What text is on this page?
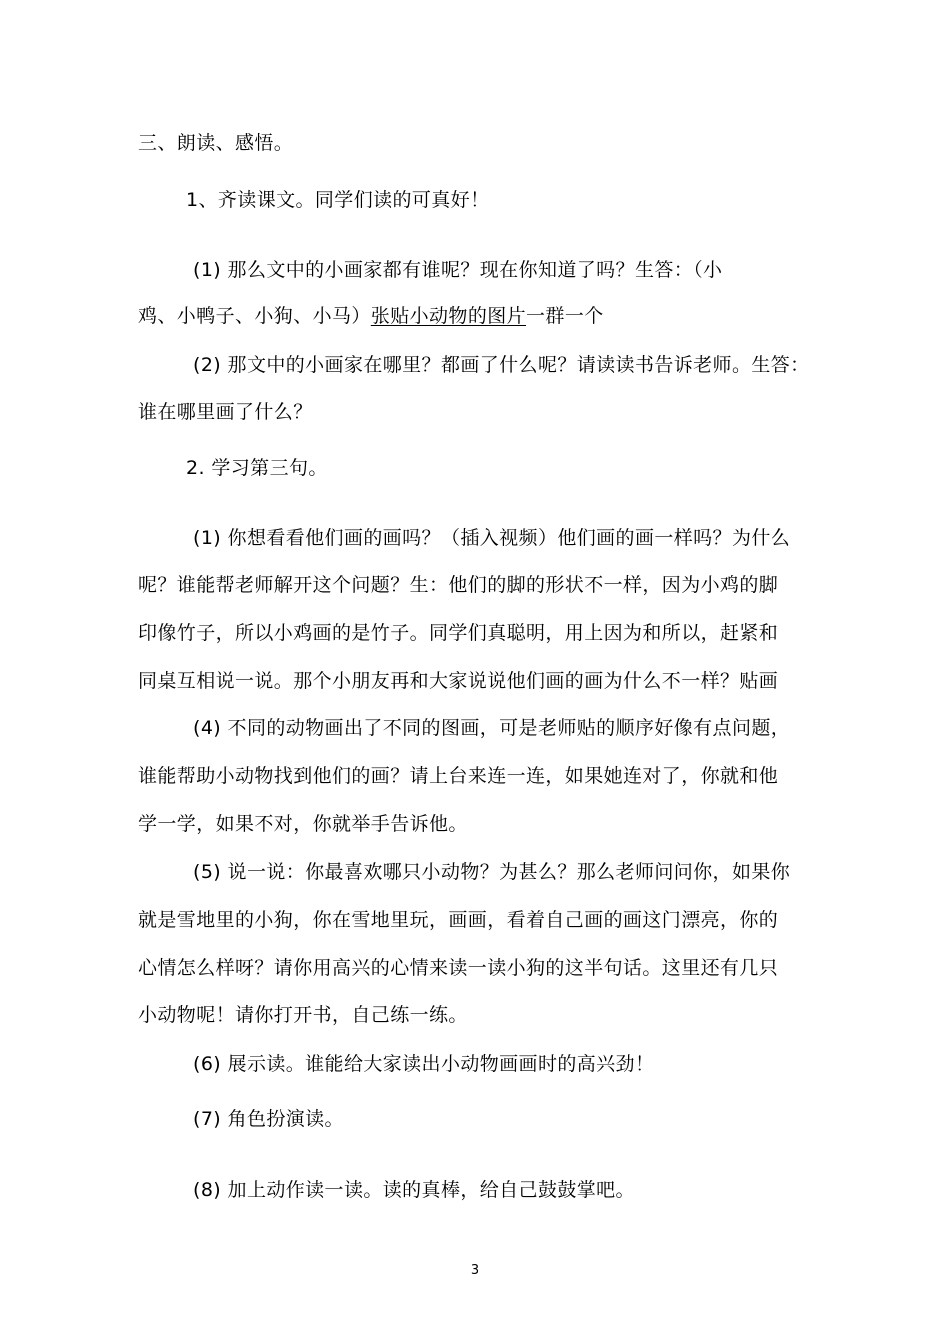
三、朗读、感悟。
1、齐读课文。同学们读的可真好！
(1) 那么文中的小画家都有谁呢？现在你知道了吗？生答：（小
鸡、小鸭子、小狗、小马）张贴小动物的图片一群一个
(2) 那文中的小画家在哪里？都画了什么呢？请读读书告诉老师。生答：
谁在哪里画了什么？
2. 学习第三句。
(1) 你想看看他们画的画吗？（插入视频）他们画的画一样吗？为什么
呢？谁能帮老师解开这个问题？生：他们的脚的形状不一样，因为小鸡的脚
印像竹子，所以小鸡画的是竹子。同学们真聪明，用上因为和所以，赶紧和
同桌互相说一说。那个小朋友再和大家说说他们画的画为什么不一样？贴画
(4) 不同的动物画出了不同的图画，可是老师贴的顺序好像有点问题，
谁能帮助小动物找到他们的画？请上台来连一连，如果她连对了，你就和他
学一学，如果不对，你就举手告诉他。
(5) 说一说：你最喜欢哪只小动物？为甚么？那么老师问问你，如果你
就是雪地里的小狗，你在雪地里玩，画画，看着自己画的画这门漂亮，你的
心情怎么样呀？请你用高兴的心情来读一读小狗的这半句话。这里还有几只
小动物呢！请你打开书，自己练一练。
(6) 展示读。谁能给大家读出小动物画画时的高兴劲！
(7) 角色扮演读。
(8) 加上动作读一读。读的真棒，给自己鼓鼓掌吧。
3
